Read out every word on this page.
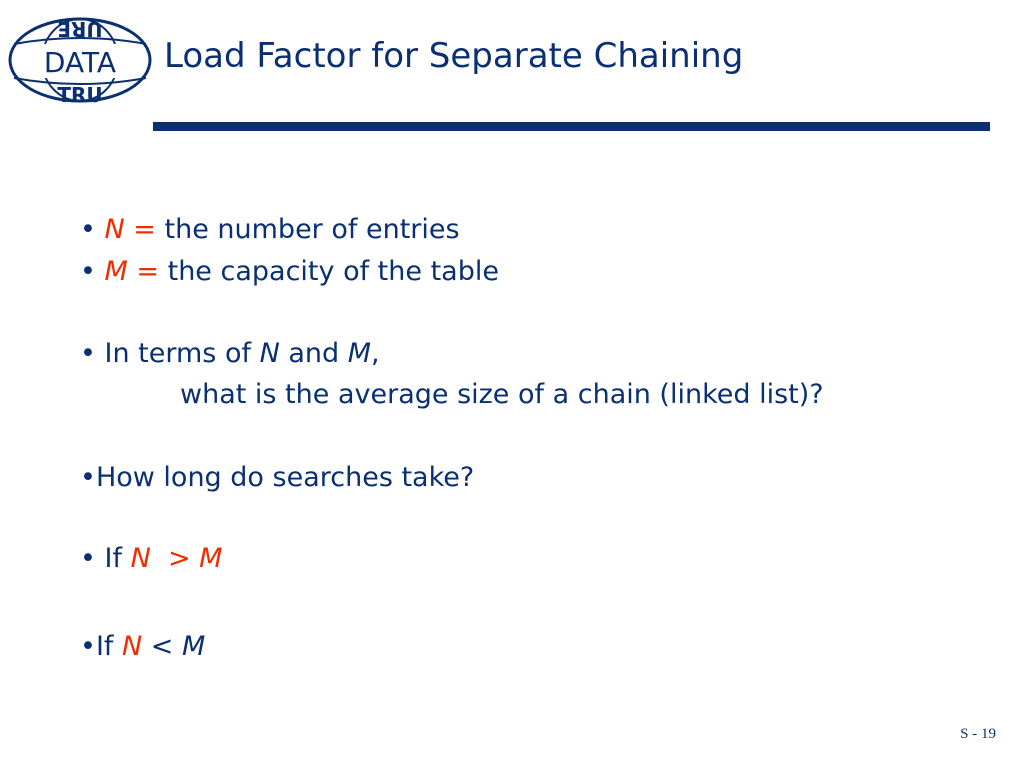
URE
DATA
TRU
Load Factor for Separate Chaining
• N = the number of entries
• M = the capacity of the table
• In terms of N and M,
what is the average size of a chain (linked list)?
•How long do searches take?
• If N  > M
•If N < M
S - 19
